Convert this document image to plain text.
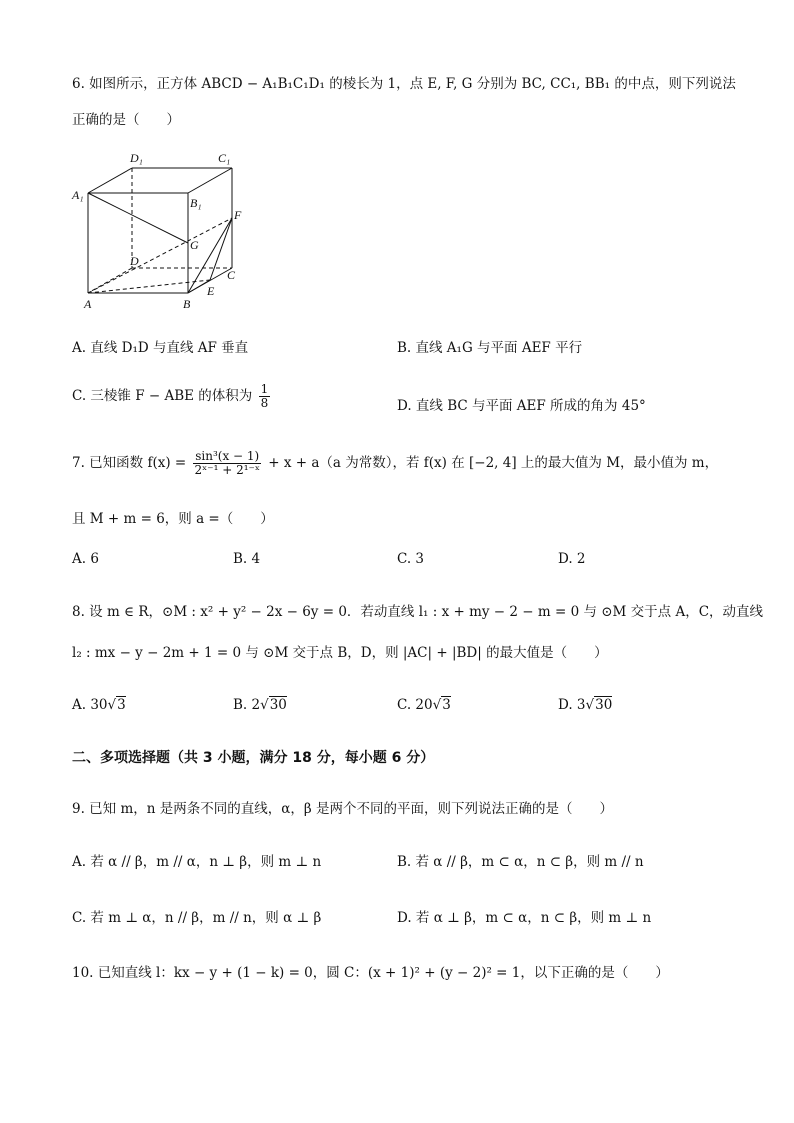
6. 如图所示，正方体 ABCD − A₁B₁C₁D₁ 的棱长为 1，点 E, F, G 分别为 BC, CC₁, BB₁ 的中点，则下列说法
正确的是（　　）
D₁	C₁
A₁
B₁
F
G
D
C
E
A	B
A. 直线 D₁D 与直线 AF 垂直	B. 直线 A₁G 与平面 AEF 平行
C. 三棱锥 F − ABE 的体积为 $\frac{1}{8}$	D. 直线 BC 与平面 AEF 所成的角为 45°
7. 已知函数 $f(x) = \frac{\text{sin³(x − 1)}}{\text{2ˣ⁻¹ + 2¹⁻ˣ}} + x + a(a$ 为常数），若 f(x) 在 [−2, 4] 上的最大值为 M，最小值为 m，
且 M + m = 6，则 a =（　　）
A. 6	B. 4	C. 3	D. 2
8. 设 m ∈ R，⊙M : x² + y² − 2x − 6y = 0．若动直线 l₁ : x + my − 2 − m = 0 与 ⊙M 交于点 A，C，动直线
l₂ : mx − y − 2m + 1 = 0 与 ⊙M 交于点 B，D，则 |AC| + |BD| 的最大值是（　　）
A. 30√3	B. 2√30	C. 20√3	D. 3√30
二、多项选择题（共 3 小题，满分 18 分，每小题 6 分）
9. 已知 m，n 是两条不同的直线，α，β 是两个不同的平面，则下列说法正确的是（　　）
A. 若 α // β，m // α，n ⊥ β，则 m ⊥ n	B. 若 α // β，m ⊂ α，n ⊂ β，则 m // n
C. 若 m ⊥ α，n // β，m // n，则 α ⊥ β	D. 若 α ⊥ β，m ⊂ α，n ⊂ β，则 m ⊥ n
10. 已知直线 l：kx − y + (1 − k) = 0，圆 C：(x + 1)² + (y − 2)² = 1，以下正确的是（　　）
